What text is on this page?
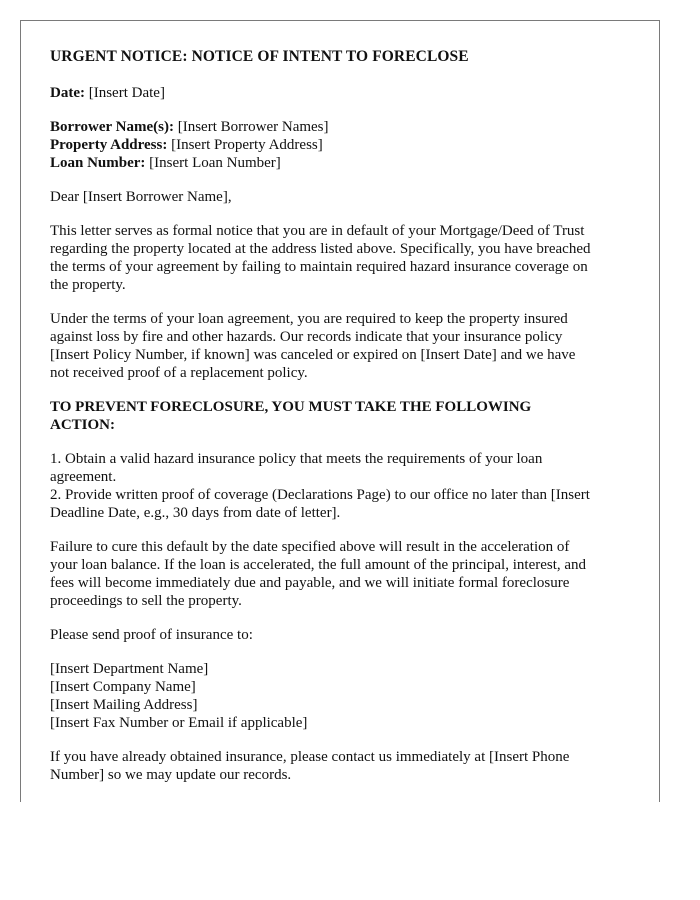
URGENT NOTICE: NOTICE OF INTENT TO FORECLOSE

Date: [Insert Date]

Borrower Name(s): [Insert Borrower Names]

Property Address: [Insert Property Address]

Loan Number: [Insert Loan Number]

Dear [Insert Borrower Name],

This letter serves as formal notice that you are in default of your Mortgage/Deed of Trust

regarding the property located at the address listed above. Specifically, you have breached

the terms of your agreement by failing to maintain required hazard insurance coverage on

the property.

Under the terms of your loan agreement, you are required to keep the property insured

against loss by fire and other hazards. Our records indicate that your insurance policy

[Insert Policy Number, if known] was canceled or expired on [Insert Date] and we have

not received proof of a replacement policy.

TO PREVENT FORECLOSURE, YOU MUST TAKE THE FOLLOWING

ACTION:

1. Obtain a valid hazard insurance policy that meets the requirements of your loan

agreement.

2. Provide written proof of coverage (Declarations Page) to our office no later than [Insert

Deadline Date, e.g., 30 days from date of letter].

Failure to cure this default by the date specified above will result in the acceleration of

your loan balance. If the loan is accelerated, the full amount of the principal, interest, and

fees will become immediately due and payable, and we will initiate formal foreclosure

proceedings to sell the property.

Please send proof of insurance to:

[Insert Department Name]

[Insert Company Name]

[Insert Mailing Address]

[Insert Fax Number or Email if applicable]

If you have already obtained insurance, please contact us immediately at [Insert Phone

Number] so we may update our records.
